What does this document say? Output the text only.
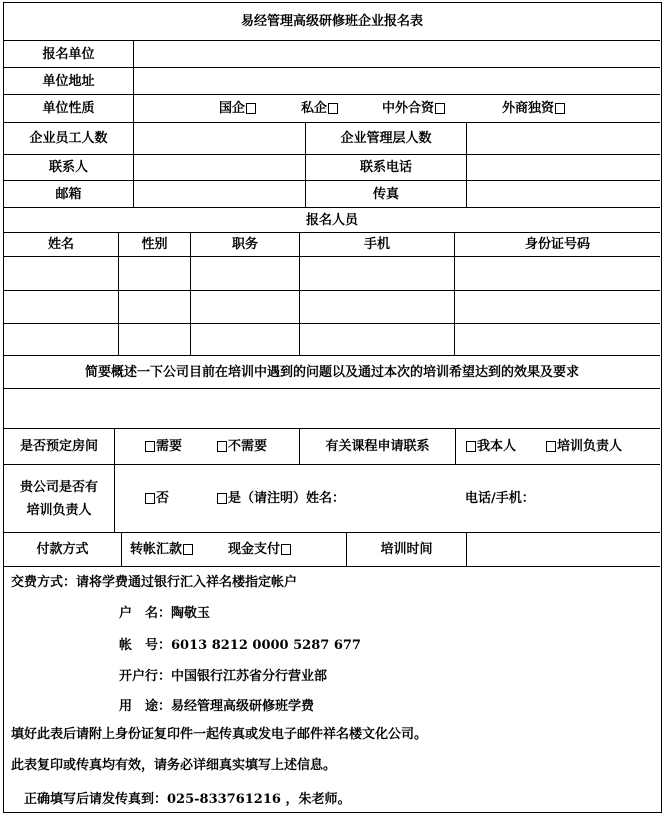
易经管理高级研修班企业报名表
报名单位
单位地址
单位性质	国企	私企	中外合资	外商独资
企业员工人数	企业管理层人数
联系人	联系电话
邮箱	传真
报名人员
姓名	性别	职务	手机	身份证号码
简要概述一下公司目前在培训中遇到的问题以及通过本次的培训希望达到的效果及要求
是否预定房间	需要	不需要	有关课程申请联系	我本人	培训负责人
贵公司是否有
培训负责人
否	是（请注明）姓名：	电话/手机：
付款方式	转帐汇款	现金支付	培训时间
交费方式：请将学费通过银行汇入祥名楼指定帐户
户　名：陶敬玉
帐　号：6013 8212 0000 5287 677
开户行：中国银行江苏省分行营业部
用　途：易经管理高级研修班学费
填好此表后请附上身份证复印件一起传真或发电子邮件祥名楼文化公司。
此表复印或传真均有效，请务必详细真实填写上述信息。
正确填写后请发传真到：025-833761216 ，朱老师。
